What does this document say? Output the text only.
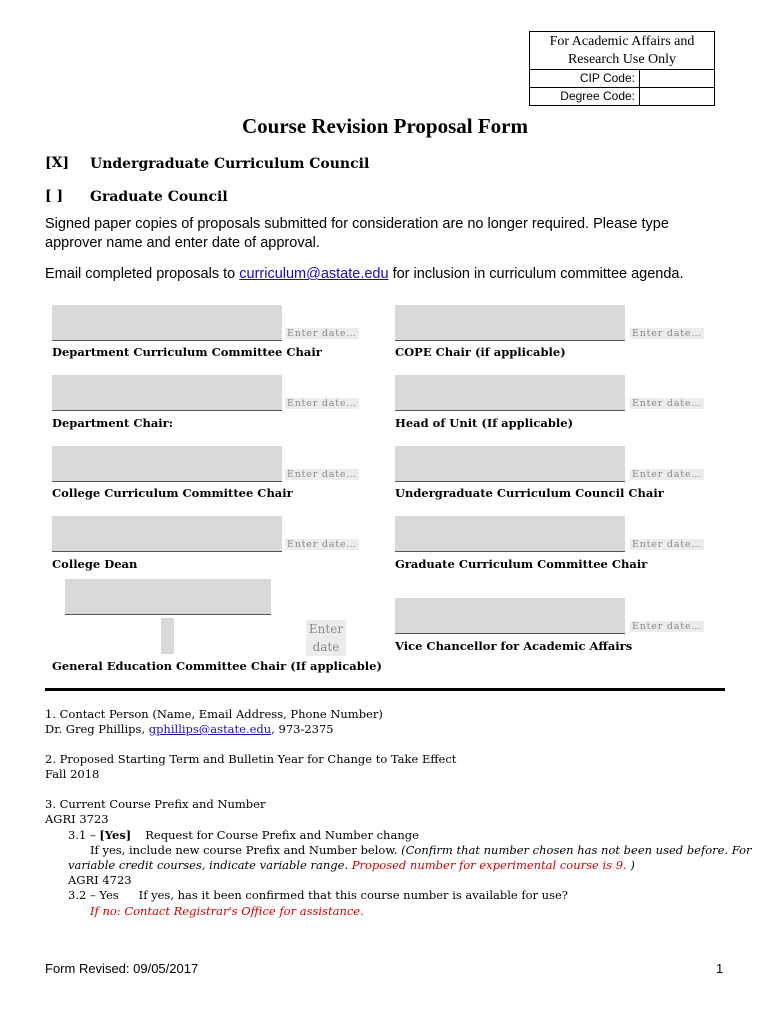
For Academic Affairs and Research Use Only
CIP Code:
Degree Code:
Course Revision Proposal Form
[X] Undergraduate Curriculum Council
[ ] Graduate Council
Signed paper copies of proposals submitted for consideration are no longer required. Please type approver name and enter date of approval.
Email completed proposals to curriculum@astate.edu for inclusion in curriculum committee agenda.
Enter date…
Department Curriculum Committee Chair
Enter date…
Department Chair:
Enter date…
College Curriculum Committee Chair
Enter date…
College Dean
Enter
date
General Education Committee Chair (If applicable)
Enter date…
COPE Chair (if applicable)
Enter date…
Head of Unit (If applicable)
Enter date…
Undergraduate Curriculum Council Chair
Enter date…
Graduate Curriculum Committee Chair
Enter date…
Vice Chancellor for Academic Affairs
1. Contact Person (Name, Email Address, Phone Number)
Dr. Greg Phillips, gphillips@astate.edu, 973-2375
2. Proposed Starting Term and Bulletin Year for Change to Take Effect
Fall 2018
3. Current Course Prefix and Number
AGRI 3723
3.1 – [Yes] Request for Course Prefix and Number change
If yes, include new course Prefix and Number below. (Confirm that number chosen has not been used before. For
variable credit courses, indicate variable range. Proposed number for experimental course is 9. )
AGRI 4723
3.2 – Yes If yes, has it been confirmed that this course number is available for use?
If no: Contact Registrar's Office for assistance.
Form Revised: 09/05/2017	1
